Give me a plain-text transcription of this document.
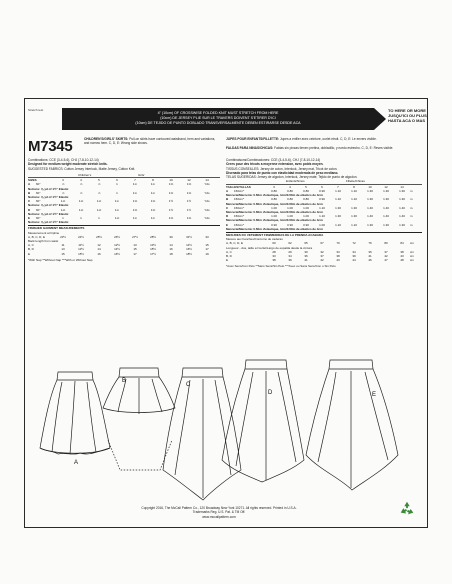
Stretch test
4" (10cm) OF CROSSWISE FOLDED KNIT MUST STRETCH FROM HERE
(10cm) DE JERSEY PLIE SUR LE TRAVERS DOIVENT S'ETIRER D'ICI
(10cm) DE TEJIDO DE PUNTO DOBLADO TRANSVERSALMENTE DEBEN ESTIRARSE DESDE ACA
TO HERE OR MORE
JUSQU'ICI OU PLUS
HASTA ACA O MAS
M7345	CHILDREN'S/GIRLS' SKIRTS: Pull-on skirts have contoured waistband, hem and variations, and narrow hem. C, D, E: Wrong side shows.
JUPES POUR ENFANTS/FILLETTE: Jupes a enfiler avec ceinture, ourlet etroit. C, D, E: Le envers visible.
FALDAS PARA NINAS/CHICAS: Faldas sin pinzas tienen pretina, dobladillo, y ruedo estrecho. C, D, E: Reves visible.
Combinations: CCE (3-4-5-6), CHJ (7-8-10-12-14)
Designed for medium weight moderate stretch knits.
SUGGESTED FABRICS: Cotton Jersey Interlock, Matte Jersey, Cotton Knit.
Children's	Girls'
SIZES	3	4	5	6	7	8	10	12	14
A	60"	⅞	⅞	⅞	1	1¼	1¼	1⅜	1⅜	Yds
Notions: ⅝ yd of 1½" Elastic
B	60"	⅞	⅞	⅞	1	1¼	1¼	1⅜	1⅜	Yds
Notions: ⅝ yd of 1½" Elastic
C	60"	1⅛	1⅛	1⅛	1¼	1⅜	1⅜	1½	1½	Yds
Notions: ⅝ yd of 1½" Elastic
D	60"	1⅛	1⅛	1⅛	1¼	1⅜	1⅜	1½	1½	Yds
Notions: ⅝ yd of 1½" Elastic
E	60"	1	1	1	1⅛	1¼	1¼	1⅜	1⅜	Yds
Notions: ⅝ yd of 1½" Elastic
FINISHED GARMENT MEASUREMENTS
Measurement at hipline
A, B, C, D, E	23½	24½	25½	26½	27½	28½	30	31½	33
Back length from waist
A, C	11	11½	12	12½	13	13½	14	14½	15
B, D	13	13½	14	14½	15	15½	16	16½	17
E	15	15½	16	16½	17	17½	18	18½	19
*With Nap **Without Nap ***With or Without Nap
Combinaisons/Combinaciones: CCE (3-4-5-6), CHJ (7-8-10-12-14)
Crees pour des tricots a moyenne extension, avec poids moyen.
TISSUS CONSEILLES: Jersey de coton, Interlock, Jersey mat, Tricot de coton.
Disenado para telas de punto con elasticidad moderada de peso mediano.
TELAS SUGERIDAS: Jersey de algodon, Interlock, Jersey mate, Tejido de punto de algodon.
Enfants/Ninos	Fillette/Chicas
TAILLES/TALLAS	3	4	5	6	7	8	10	12	14
A	150cm*	0.80	0.80	0.80	0.90	1.10	1.10	1.30	1.30	1.30	m
Mercerie/Mercería: 0.60m d'elastique, 4cm/0.60m de elástico de 4cm
B	150cm*	0.80	0.80	0.80	0.90	1.10	1.10	1.30	1.30	1.30	m
Mercerie/Mercería: 0.60m d'elastique, 4cm/0.60m de elástico de 4cm
C	150cm*	1.00	1.00	1.00	1.10	1.30	1.30	1.40	1.40	1.40	m
Mercerie/Mercería: 0.60m d'elastique, 4cm/0.60m de elástico de 4cm
D	150cm*	1.00	1.00	1.00	1.10	1.30	1.30	1.40	1.40	1.40	m
Mercerie/Mercería: 0.60m d'elastique, 4cm/0.60m de elástico de 4cm
E	150cm*	0.90	0.90	0.90	1.00	1.10	1.10	1.30	1.30	1.30	m
Mercerie/Mercería: 0.60m d'elastique, 4cm/0.60m de elástico de 4cm
MESURES DU VETEMENT FINI/MEDIDAS DE LA PRENDA ACABADA
Mesure aux hanches/Contorno de caderas
A, B, C, D, E	60	62	65	67	70	72	76	80	84	cm
Longueur - dos, taille a l'ourlet/Largo de espalda desde la cintura
A, C	28	29	30	32	33	34	36	37	38	cm
B, D	33	34	36	37	38	39	41	42	43	cm
E	38	39	41	42	43	44	46	47	48	cm
*Avec Sens/Con Pelo **Sans Sens/Sin Pelo ***Avec ou Sans Sens/Con o Sin Pelo
A
B
C
D	E
Copyright 2016, The McCall Pattern Co., 120 Broadway New York 10271. All rights reserved. Printed in U.S.A.
Trademarks Reg. U.S. Pat. & TM Off.
www.mccallpattern.com
